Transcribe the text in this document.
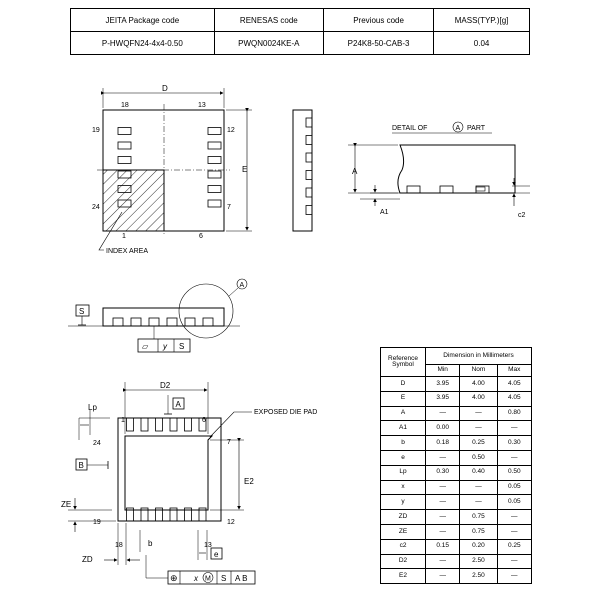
JEITA Package code	RENESAS code	Previous code	MASS(TYP.)[g]
P-HWQFN24-4x4-0.50	PWQN0024KE-A	P24K8-50-CAB-3	0.04
D
E
18	13
19	12
24	7
1	6
INDEX AREA
DETAIL OF	A PART
A
A1	c2
S
A
⏥ y S
D2
A
Lp
EXPOSED DIE PAD
1	6
24	7
19	12
18	13
B
E2
ZE
ZD
b
e
⊕ x M S A B
Reference Symbol	Dimension in Millimeters		
	Min	Nom	Max
D	3.95	4.00	4.05
E	3.95	4.00	4.05
A	—	—	0.80
A1	0.00	—	—
b	0.18	0.25	0.30
e	—	0.50	—
Lp	0.30	0.40	0.50
x	—	—	0.05
y	—	—	0.05
ZD	—	0.75	—
ZE	—	0.75	—
c2	0.15	0.20	0.25
D2	—	2.50	—
E2	—	2.50	—
